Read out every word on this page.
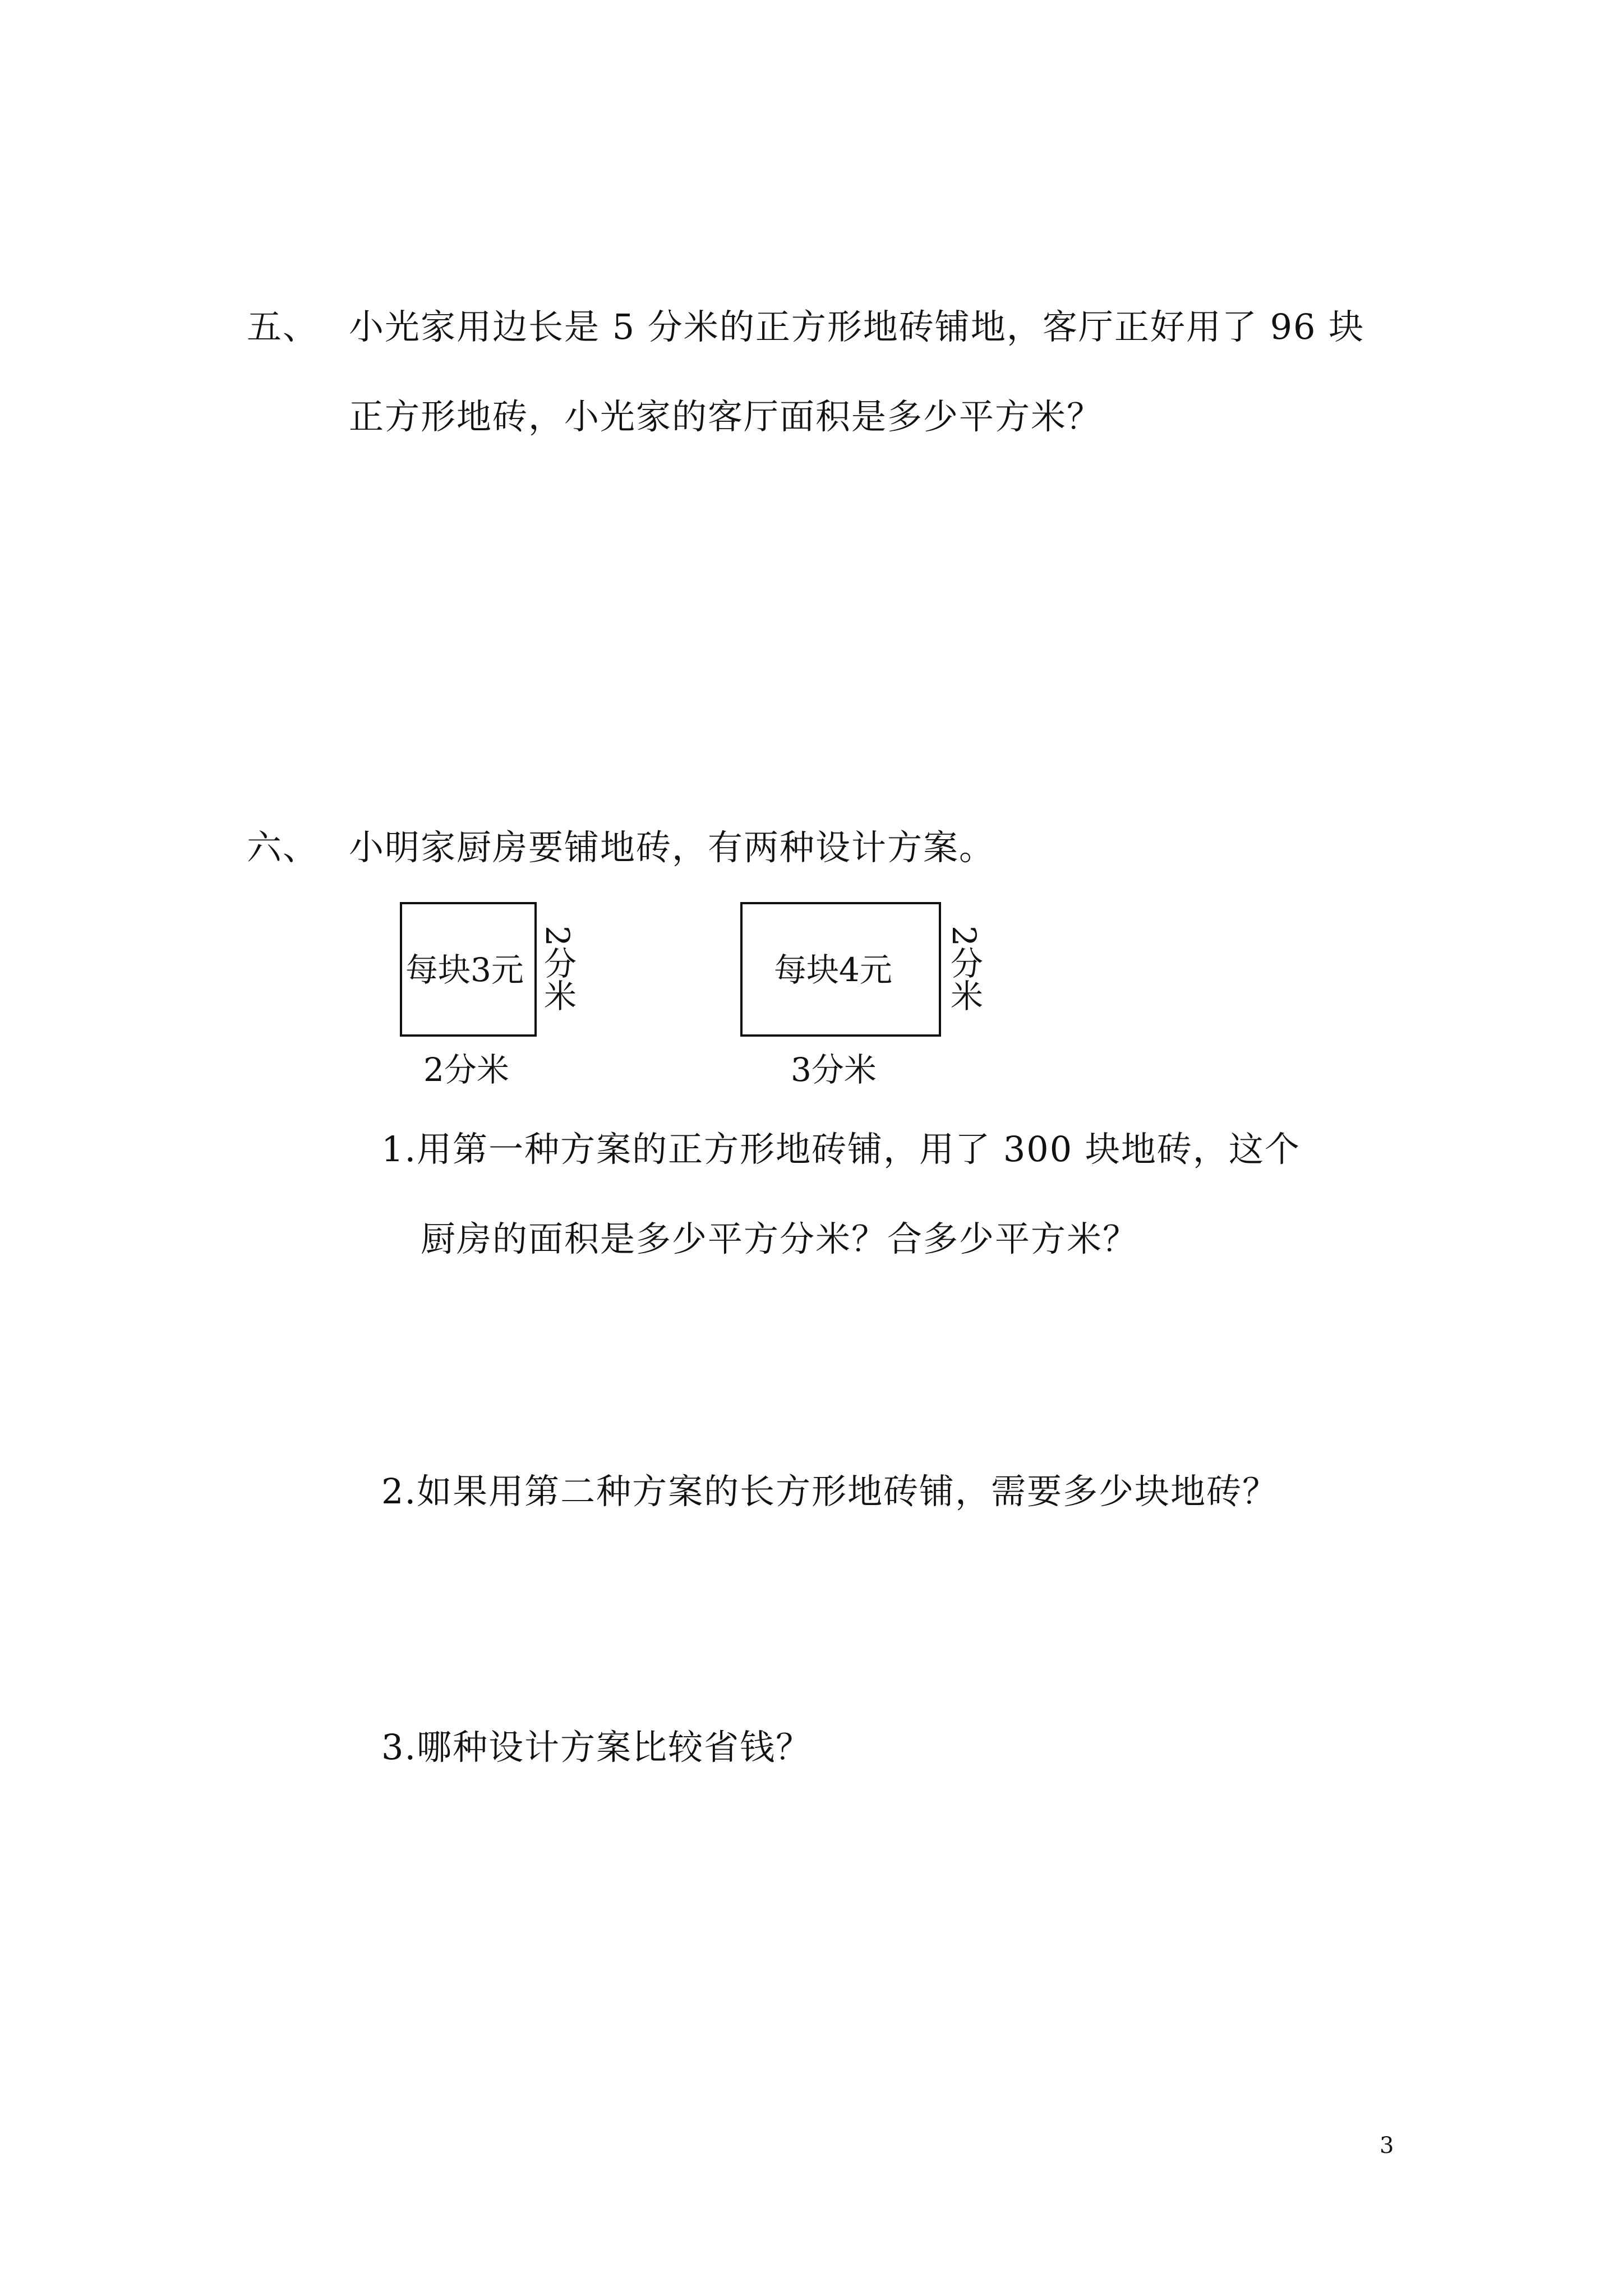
五、 小光家用边长是 5 分米的正方形地砖铺地，客厅正好用了 96 块
正方形地砖，小光家的客厅面积是多少平方米？
六、 小明家厨房要铺地砖，有两种设计方案。
每块3元 2分米
2分米
每块4元 2分米
3分米
1.用第一种方案的正方形地砖铺，用了 300 块地砖，这个
厨房的面积是多少平方分米？合多少平方米？
2.如果用第二种方案的长方形地砖铺，需要多少块地砖？
3.哪种设计方案比较省钱？
3
